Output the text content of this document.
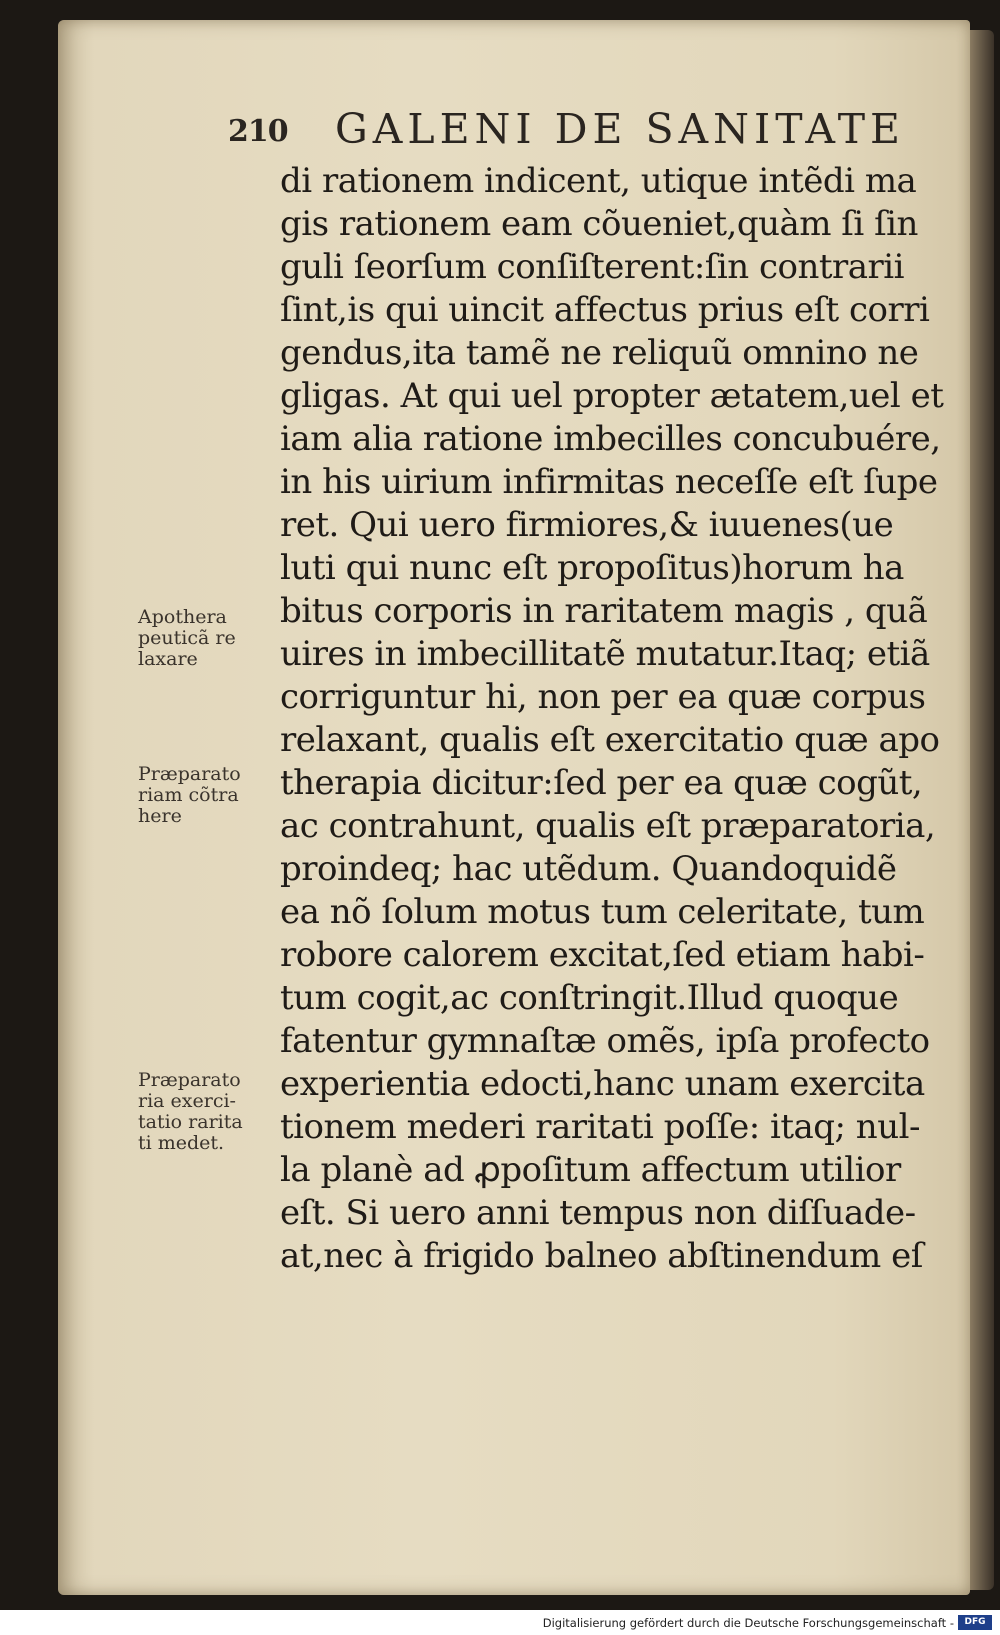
210 GALENI DE SANITATE
di rationem indicent, utique intẽdi ma
gis rationem eam cõueniet,quàm ſi ſin
guli ſeorſum conſiſterent:ſin contrarii
ſint,is qui uincit affectus prius eſt corri
gendus,ita tamẽ ne reliquũ omnino ne
gligas. At qui uel propter ætatem,uel et
iam alia ratione imbecilles concubuére,
in his uirium infirmitas neceſſe eſt ſupe
ret. Qui uero firmiores,& iuuenes(ue
luti qui nunc eſt propoſitus)horum ha
bitus corporis in raritatem magis , quã
uires in imbecillitatẽ mutatur.Itaq; etiã
corriguntur hi, non per ea quæ corpus
relaxant, qualis eſt exercitatio quæ apo
therapia dicitur:ſed per ea quæ cogũt,
ac contrahunt, qualis eſt præparatoria,
proindeq; hac utẽdum. Quandoquidẽ
ea nõ ſolum motus tum celeritate, tum
robore calorem excitat,ſed etiam habi-
tum cogit,ac conſtringit.Illud quoque
fatentur gymnaſtæ omẽs, ipſa profecto
experientia edocti,hanc unam exercita
tionem mederi raritati poſſe: itaq; nul-
la planè ad ꝓpoſitum affectum utilior
eſt. Si uero anni tempus non diſſuade-
at,nec à frigido balneo abſtinendum eſ
Apothera
peuticã re
laxare
Præparato
riam cõtra
here
Præparato
ria exerci-
tatio rarita
ti medet.
Digitalisierung gefördert durch die Deutsche Forschungsgemeinschaft -	DFG
